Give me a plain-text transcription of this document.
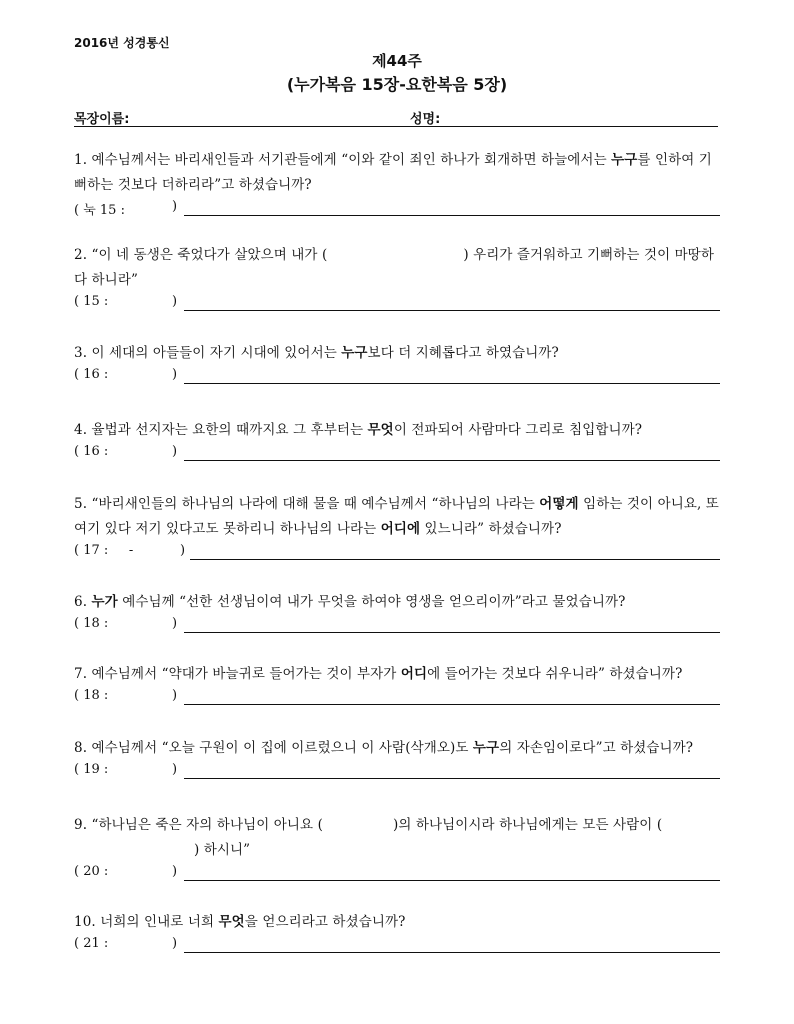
2016년 성경통신
제44주
(누가복음 15장-요한복음 5장)
목장이름:	성명:
1. 예수님께서는 바리새인들과 서기관들에게 “이와 같이 죄인 하나가 회개하면 하늘에서는 누구를 인하여 기뻐하는 것보다 더하리라”고 하셨습니까?
( 눅 15 :	)
2. “이 네 동생은 죽었다가 살았으며 내가 (	) 우리가 즐거워하고 기뻐하는 것이 마땅하다 하니라”
( 15 :	)
3. 이 세대의 아들들이 자기 시대에 있어서는 누구보다 더 지혜롭다고 하였습니까?
( 16 :	)
4. 율법과 선지자는 요한의 때까지요 그 후부터는 무엇이 전파되어 사람마다 그리로 침입합니까?
( 16 :	)
5. “바리새인들의 하나님의 나라에 대해 물을 때 예수님께서 “하나님의 나라는 어떻게 임하는 것이 아니요, 또 여기 있다 저기 있다고도 못하리니 하나님의 나라는 어디에 있느니라” 하셨습니까?
( 17 :     -	)
6. 누가 예수님께 “선한 선생님이여 내가 무엇을 하여야 영생을 얻으리이까”라고 물었습니까?
( 18 :	)
7. 예수님께서 “약대가 바늘귀로 들어가는 것이 부자가 어디에 들어가는 것보다 쉬우니라” 하셨습니까?
( 18 :	)
8. 예수님께서 “오늘 구원이 이 집에 이르렀으니 이 사람(삭개오)도 누구의 자손임이로다”고 하셨습니까?
( 19 :	)
9. “하나님은 죽은 자의 하나님이 아니요 (	)의 하나님이시라 하나님에게는 모든 사람이 () 하시니”
( 20 :	)
10. 너희의 인내로 너희 무엇을 얻으리라고 하셨습니까?
( 21 :	)
